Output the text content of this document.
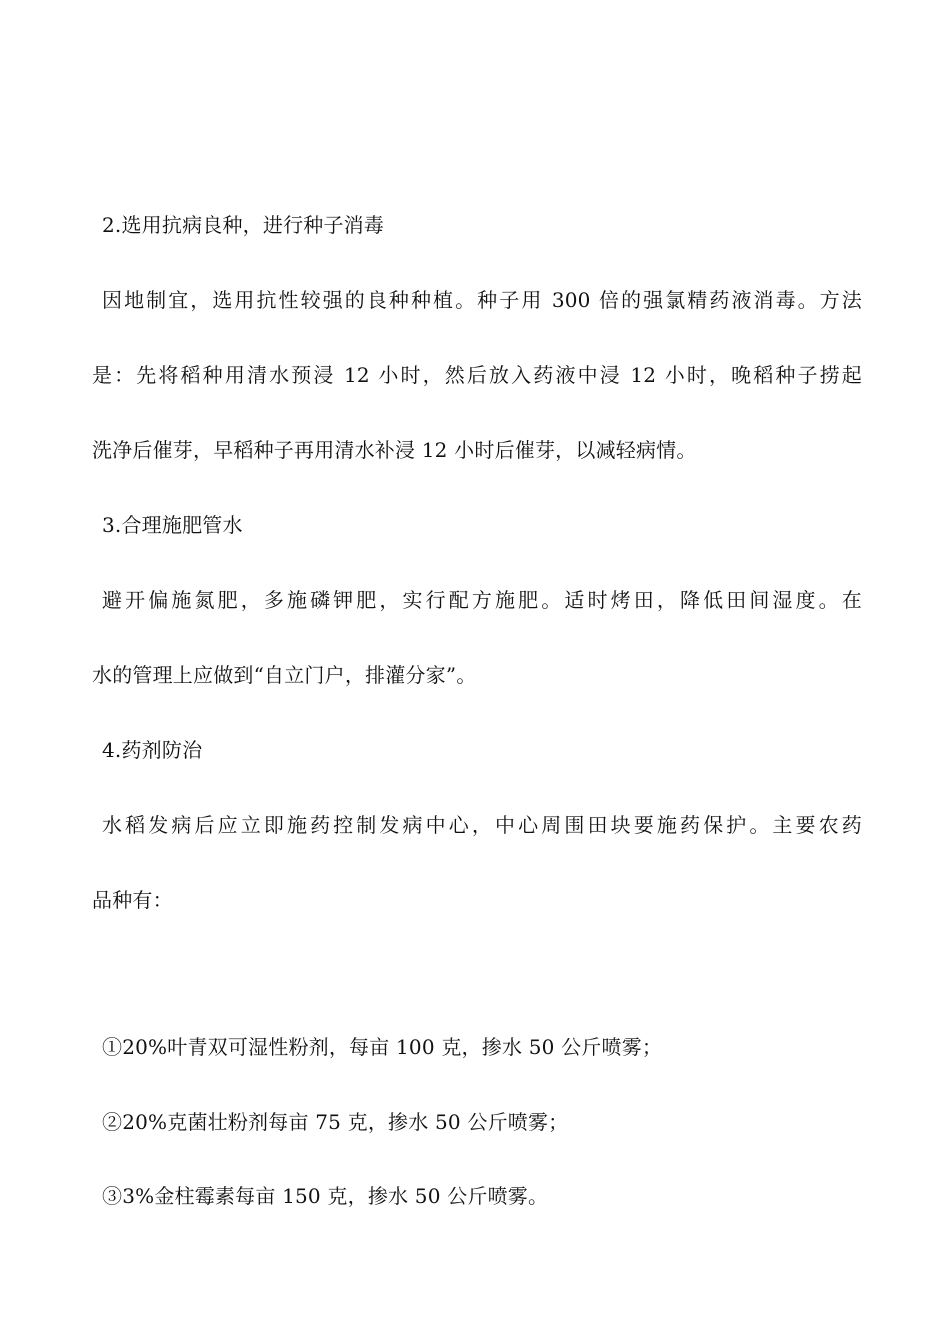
2.选用抗病良种，进行种子消毒
因地制宜，选用抗性较强的良种种植。种子用 300 倍的强氯精药液消毒。方法
是：先将稻种用清水预浸 12 小时，然后放入药液中浸 12 小时，晚稻种子捞起
洗净后催芽，早稻种子再用清水补浸 12 小时后催芽，以减轻病情。
3.合理施肥管水
避开偏施氮肥，多施磷钾肥，实行配方施肥。适时烤田，降低田间湿度。在
水的管理上应做到“自立门户，排灌分家”。
4.药剂防治
水稻发病后应立即施药控制发病中心，中心周围田块要施药保护。主要农药
品种有：
①20%叶青双可湿性粉剂，每亩 100 克，掺水 50 公斤喷雾；
②20%克菌壮粉剂每亩 75 克，掺水 50 公斤喷雾；
③3%金柱霉素每亩 150 克，掺水 50 公斤喷雾。
